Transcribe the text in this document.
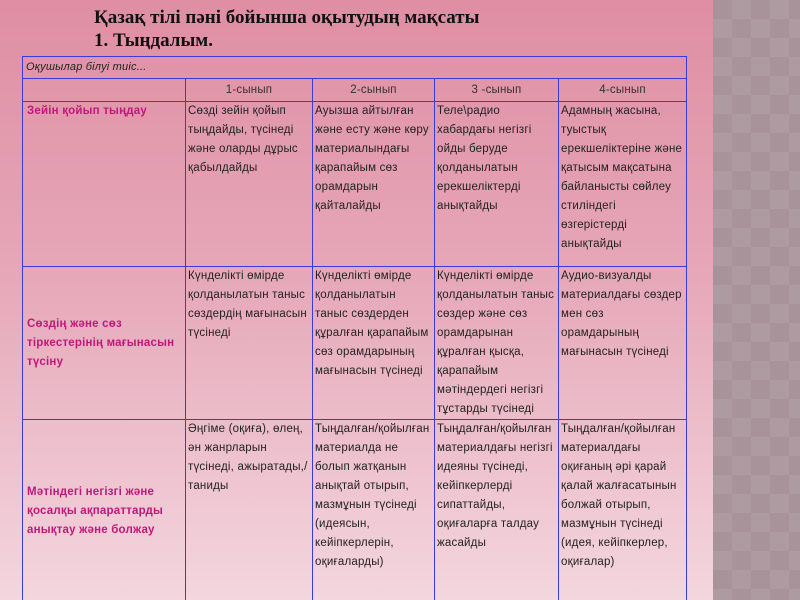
Қазақ тілі пәні бойынша оқытудың мақсаты
1. Тыңдалым.
Оқушылар білуі тиіс...				
	1-сынып	2-сынып	3 -сынып	4-сынып
Зейін қойып тыңдау	Сөзді зейін қойып тыңдайды, түсінеді және оларды дұрыс қабылдайды	Ауызша айтылған және есту және көру материалындағы қарапайым сөз орамдарын қайталайды	Теле\радио хабардағы негізгі ойды беруде қолданылатын ерекшеліктерді анықтайды	Адамның жасына, туыстық ерекшеліктеріне және қатысым мақсатына байланысты сөйлеу стиліндегі өзгерістерді анықтайды
Сөздің және сөз тіркестерінің мағынасын түсіну	Күнделікті өмірде қолданылатын таныс сөздердің мағынасын түсінеді	Күнделікті өмірде қолданылатын таныс сөздерден құралған қарапайым сөз орамдарының мағынасын түсінеді	Күнделікті өмірде қолданылатын таныс сөздер және сөз орамдарынан құралған қысқа, қарапайым мәтіндердегі негізгі тұстарды түсінеді	Аудио-визуалды материалдағы сөздер мен сөз орамдарының мағынасын түсінеді
Мәтіндегі негізгі және қосалқы ақпараттарды анықтау және болжау	Әңгіме (оқиға), өлең, ән жанрларын түсінеді, ажыратады,/ таниды	Тыңдалған/қойылған материалда не болып жатқанын анықтай отырып, мазмұнын түсінеді (идеясын, кейіпкерлерін, оқиғаларды)	Тыңдалған/қойылған материалдағы негізгі идеяны түсінеді, кейіпкерлерді сипаттайды, оқиғаларға талдау жасайды	Тыңдалған/қойылған материалдағы оқиғаның әрі қарай қалай жалғасатынын болжай отырып, мазмұнын түсінеді (идея, кейіпкерлер, оқиғалар)
